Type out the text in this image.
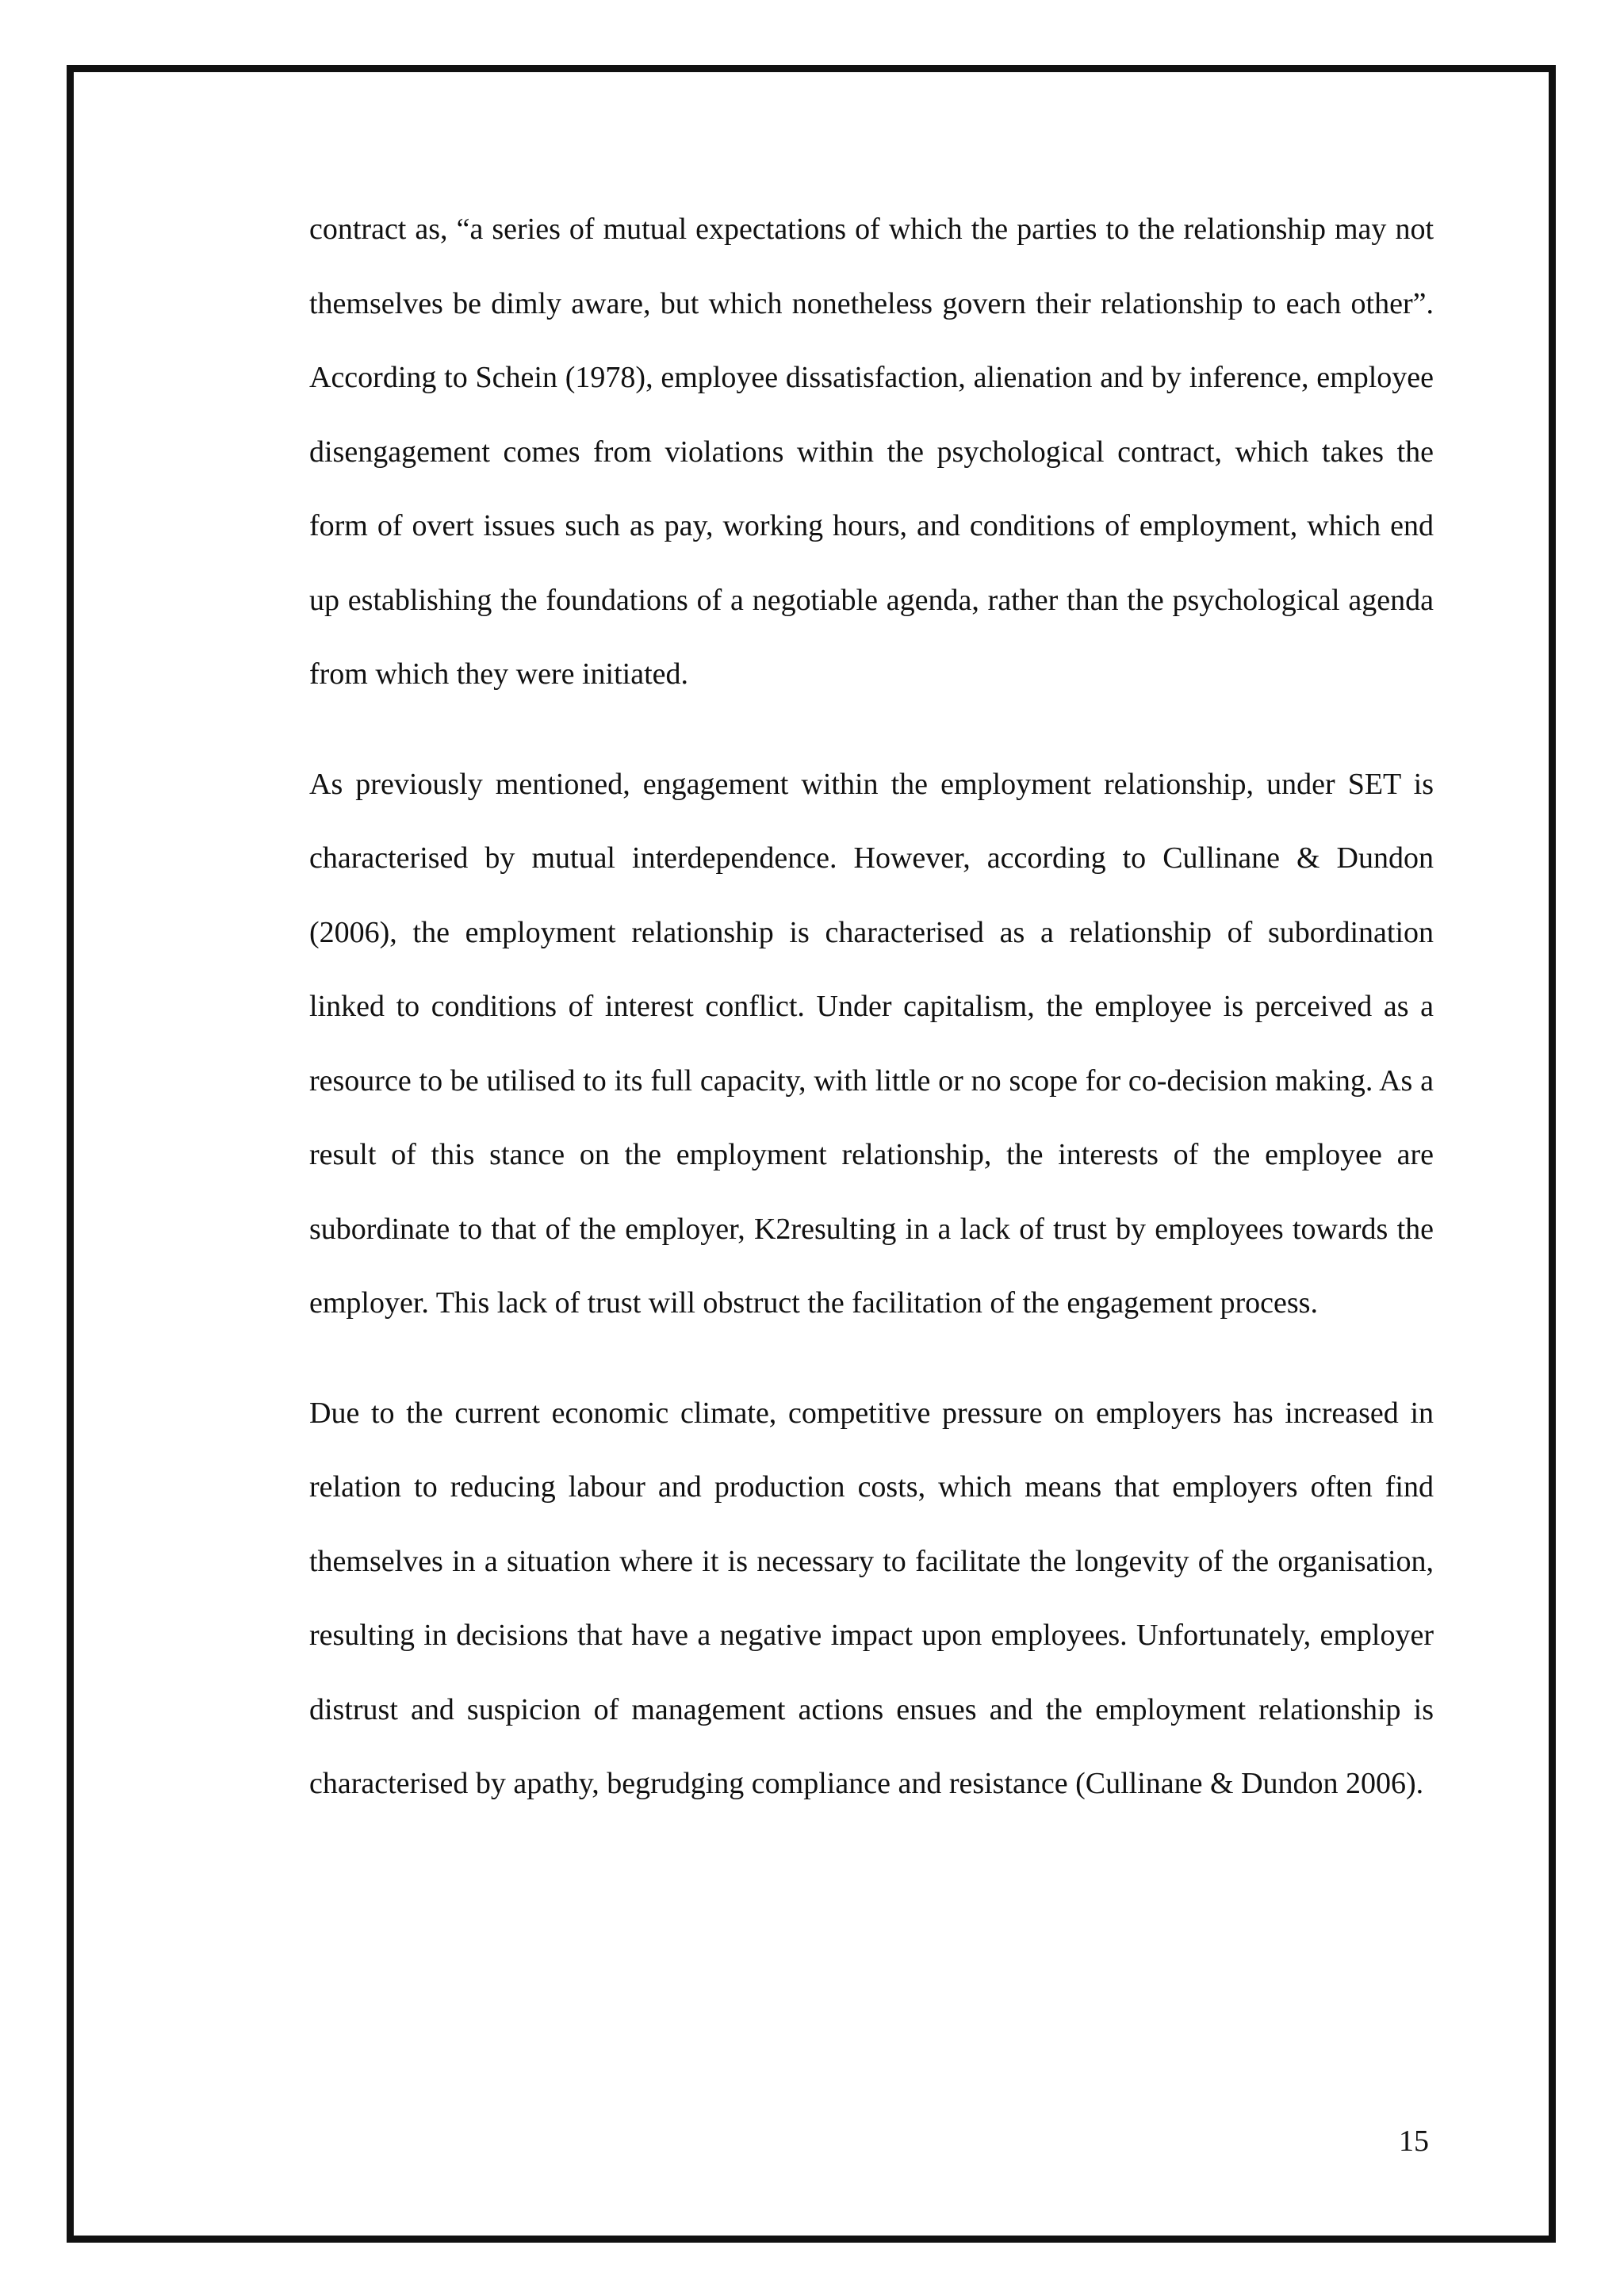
contract as, “a series of mutual expectations of which the parties to the relationship may not themselves be dimly aware, but which nonetheless govern their relationship to each other”. According to Schein (1978), employee dissatisfaction, alienation and by inference, employee disengagement comes from violations within the psychological contract, which takes the form of overt issues such as pay, working hours, and conditions of employment, which end up establishing the foundations of a negotiable agenda, rather than the psychological agenda from which they were initiated.

As previously mentioned, engagement within the employment relationship, under SET is characterised by mutual interdependence. However, according to Cullinane & Dundon (2006), the employment relationship is characterised as a relationship of subordination linked to conditions of interest conflict. Under capitalism, the employee is perceived as a resource to be utilised to its full capacity, with little or no scope for co-decision making. As a result of this stance on the employment relationship, the interests of the employee are subordinate to that of the employer, K2resulting in a lack of trust by employees towards the employer. This lack of trust will obstruct the facilitation of the engagement process.

Due to the current economic climate, competitive pressure on employers has increased in relation to reducing labour and production costs, which means that employers often find themselves in a situation where it is necessary to facilitate the longevity of the organisation, resulting in decisions that have a negative impact upon employees. Unfortunately, employer distrust and suspicion of management actions ensues and the employment relationship is characterised by apathy, begrudging compliance and resistance (Cullinane & Dundon 2006).

15
